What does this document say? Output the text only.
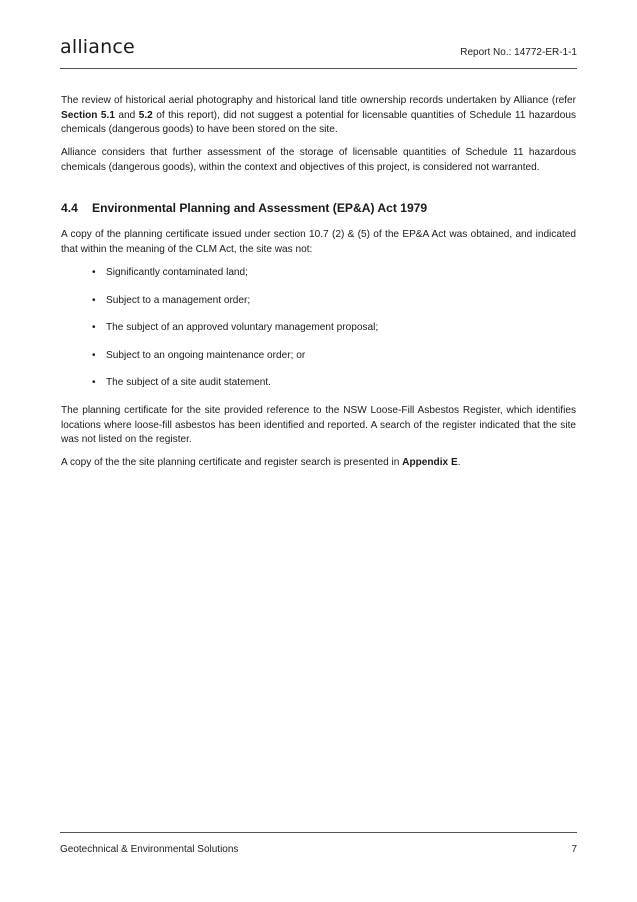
alliance	Report No.: 14772-ER-1-1

The review of historical aerial photography and historical land title ownership records undertaken by Alliance (refer Section 5.1 and 5.2 of this report), did not suggest a potential for licensable quantities of Schedule 11 hazardous chemicals (dangerous goods) to have been stored on the site.

Alliance considers that further assessment of the storage of licensable quantities of Schedule 11 hazardous chemicals (dangerous goods), within the context and objectives of this project, is considered not warranted.

4.4	Environmental Planning and Assessment (EP&A) Act 1979

A copy of the planning certificate issued under section 10.7 (2) & (5) of the EP&A Act was obtained, and indicated that within the meaning of the CLM Act, the site was not:

• Significantly contaminated land;
• Subject to a management order;
• The subject of an approved voluntary management proposal;
• Subject to an ongoing maintenance order; or
• The subject of a site audit statement.

The planning certificate for the site provided reference to the NSW Loose-Fill Asbestos Register, which identifies locations where loose-fill asbestos has been identified and reported. A search of the register indicated that the site was not listed on the register.

A copy of the the site planning certificate and register search is presented in Appendix E.

Geotechnical & Environmental Solutions	7
